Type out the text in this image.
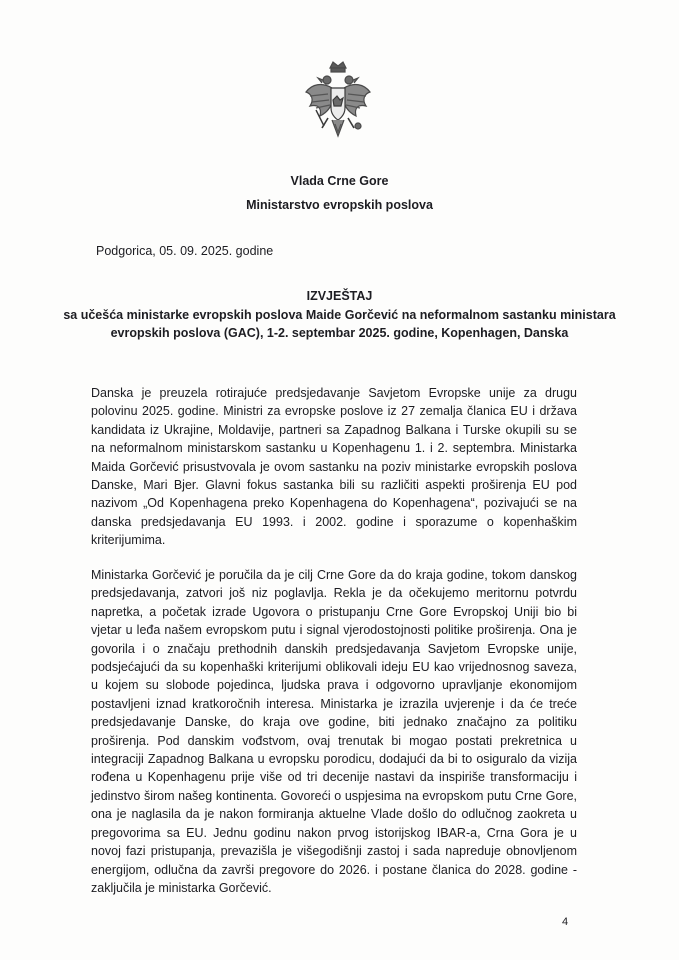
Vlada Crne Gore
Ministarstvo evropskih poslova
Podgorica, 05. 09. 2025. godine
IZVJEŠTAJ
sa učešća ministarke evropskih poslova Maide Gorčević na neformalnom sastanku ministara evropskih poslova (GAC), 1-2. septembar 2025. godine, Kopenhagen, Danska

Danska je preuzela rotirajuće predsjedavanje Savjetom Evropske unije za drugu polovinu 2025. godine. Ministri za evropske poslove iz 27 zemalja članica EU i država kandidata iz Ukrajine, Moldavije, partneri sa Zapadnog Balkana i Turske okupili su se na neformalnom ministarskom sastanku u Kopenhagenu 1. i 2. septembra. Ministarka Maida Gorčević prisustvovala je ovom sastanku na poziv ministarke evropskih poslova Danske, Mari Bjer. Glavni fokus sastanka bili su različiti aspekti proširenja EU pod nazivom „Od Kopenhagena preko Kopenhagena do Kopenhagena“, pozivajući se na danska predsjedavanja EU 1993. i 2002. godine i sporazume o kopenhaškim kriterijumima.

Ministarka Gorčević je poručila da je cilj Crne Gore da do kraja godine, tokom danskog predsjedavanja, zatvori još niz poglavlja. Rekla je da očekujemo meritornu potvrdu napretka, a početak izrade Ugovora o pristupanju Crne Gore Evropskoj Uniji bio bi vjetar u leđa našem evropskom putu i signal vjerodostojnosti politike proširenja. Ona je govorila i o značaju prethodnih danskih predsjedavanja Savjetom Evropske unije, podsjećajući da su kopenhaški kriterijumi oblikovali ideju EU kao vrijednosnog saveza, u kojem su slobode pojedinca, ljudska prava i odgovorno upravljanje ekonomijom postavljeni iznad kratkoročnih interesa. Ministarka je izrazila uvjerenje i da će treće predsjedavanje Danske, do kraja ove godine, biti jednako značajno za politiku proširenja. Pod danskim vođstvom, ovaj trenutak bi mogao postati prekretnica u integraciji Zapadnog Balkana u evropsku porodicu, dodajući da bi to osiguralo da vizija rođena u Kopenhagenu prije više od tri decenije nastavi da inspiriše transformaciju i jedinstvo širom našeg kontinenta. Govoreći o uspjesima na evropskom putu Crne Gore, ona je naglasila da je nakon formiranja aktuelne Vlade došlo do odlučnog zaokreta u pregovorima sa EU. Jednu godinu nakon prvog istorijskog IBAR-a, Crna Gora je u novoj fazi pristupanja, prevazišla je višegodišnji zastoj i sada napreduje obnovljenom energijom, odlučna da završi pregovore do 2026. i postane članica do 2028. godine - zaključila je ministarka Gorčević.

4
